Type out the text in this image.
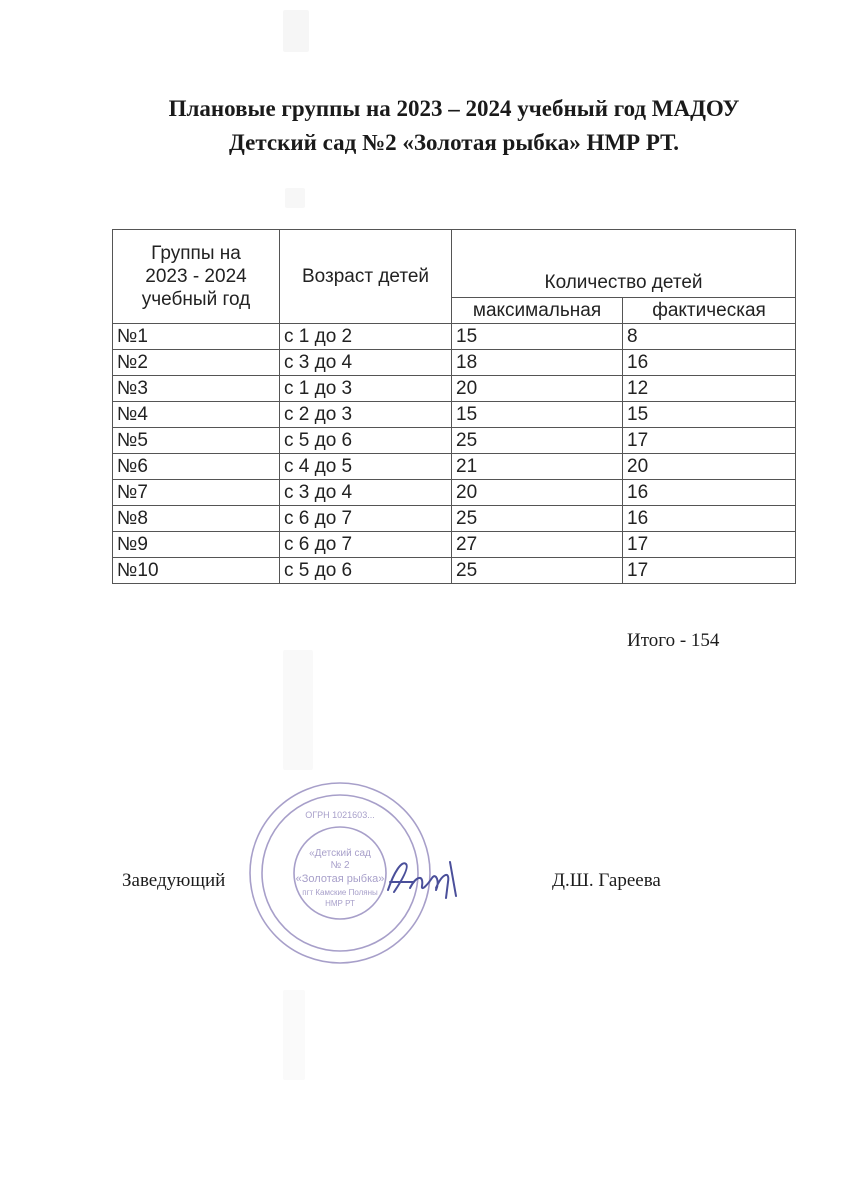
Плановые группы на 2023 – 2024 учебный год МАДОУ
Детский сад №2 «Золотая рыбка» НМР РТ.
Группы на
2023 - 2024
учебный год	Возраст детей	Количество детей	
		максимальная	фактическая
№1	с 1 до 2	15	8
№2	с 3 до 4	18	16
№3	с 1 до 3	20	12
№4	с 2 до 3	15	15
№5	с 5 до 6	25	17
№6	с 4 до 5	21	20
№7	с 3 до 4	20	16
№8	с 6 до 7	25	16
№9	с 6 до 7	27	17
№10	с 5 до 6	25	17
Итого - 154
ОГРН 1021603...
«Детский сад
№ 2
«Золотая рыбка»
пгт Камские Поляны
НМР РТ
Заведующий	Д.Ш. Гареева
